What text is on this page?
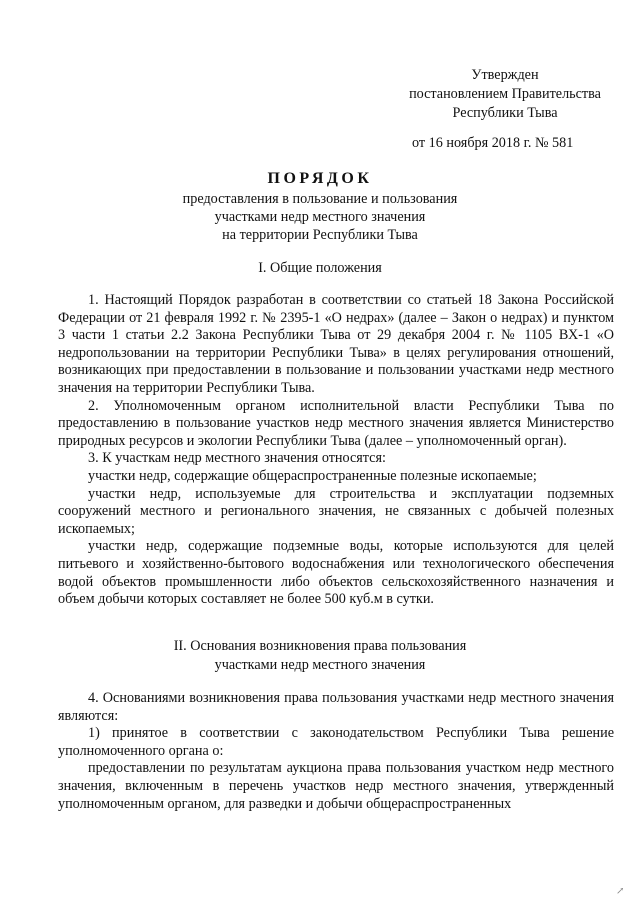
Утвержден
постановлением Правительства
Республики Тыва
от 16 ноября 2018 г. № 581
ПОРЯДОК
предоставления в пользование и пользования
участками недр местного значения
на территории Республики Тыва
I. Общие положения

1. Настоящий Порядок разработан в соответствии со статьей 18 Закона Российской Федерации от 21 февраля 1992 г. № 2395-1 «О недрах» (далее – Закон о недрах) и пунктом 3 части 1 статьи 2.2 Закона Республики Тыва от 29 декабря 2004 г. № 1105 ВХ-1 «О недропользовании на территории Республики Тыва» в целях регулирования отношений, возникающих при предоставлении в пользование и пользовании участками недр местного значения на территории Республики Тыва.

2. Уполномоченным органом исполнительной власти Республики Тыва по предоставлению в пользование участков недр местного значения является Министерство природных ресурсов и экологии Республики Тыва (далее – уполномоченный орган).

3. К участкам недр местного значения относятся:

участки недр, содержащие общераспространенные полезные ископаемые;

участки недр, используемые для строительства и эксплуатации подземных сооружений местного и регионального значения, не связанных с добычей полезных ископаемых;

участки недр, содержащие подземные воды, которые используются для целей питьевого и хозяйственно-бытового водоснабжения или технологического обеспечения водой объектов промышленности либо объектов сельскохозяйственного назначения и объем добычи которых составляет не более 500 куб.м в сутки.

II. Основания возникновения права пользования
участками недр местного значения

4. Основаниями возникновения права пользования участками недр местного значения являются:

1) принятое в соответствии с законодательством Республики Тыва решение уполномоченного органа о:

предоставлении по результатам аукциона права пользования участком недр местного значения, включенным в перечень участков недр местного значения, утвержденный уполномоченным органом, для разведки и добычи общераспространенных

↗
